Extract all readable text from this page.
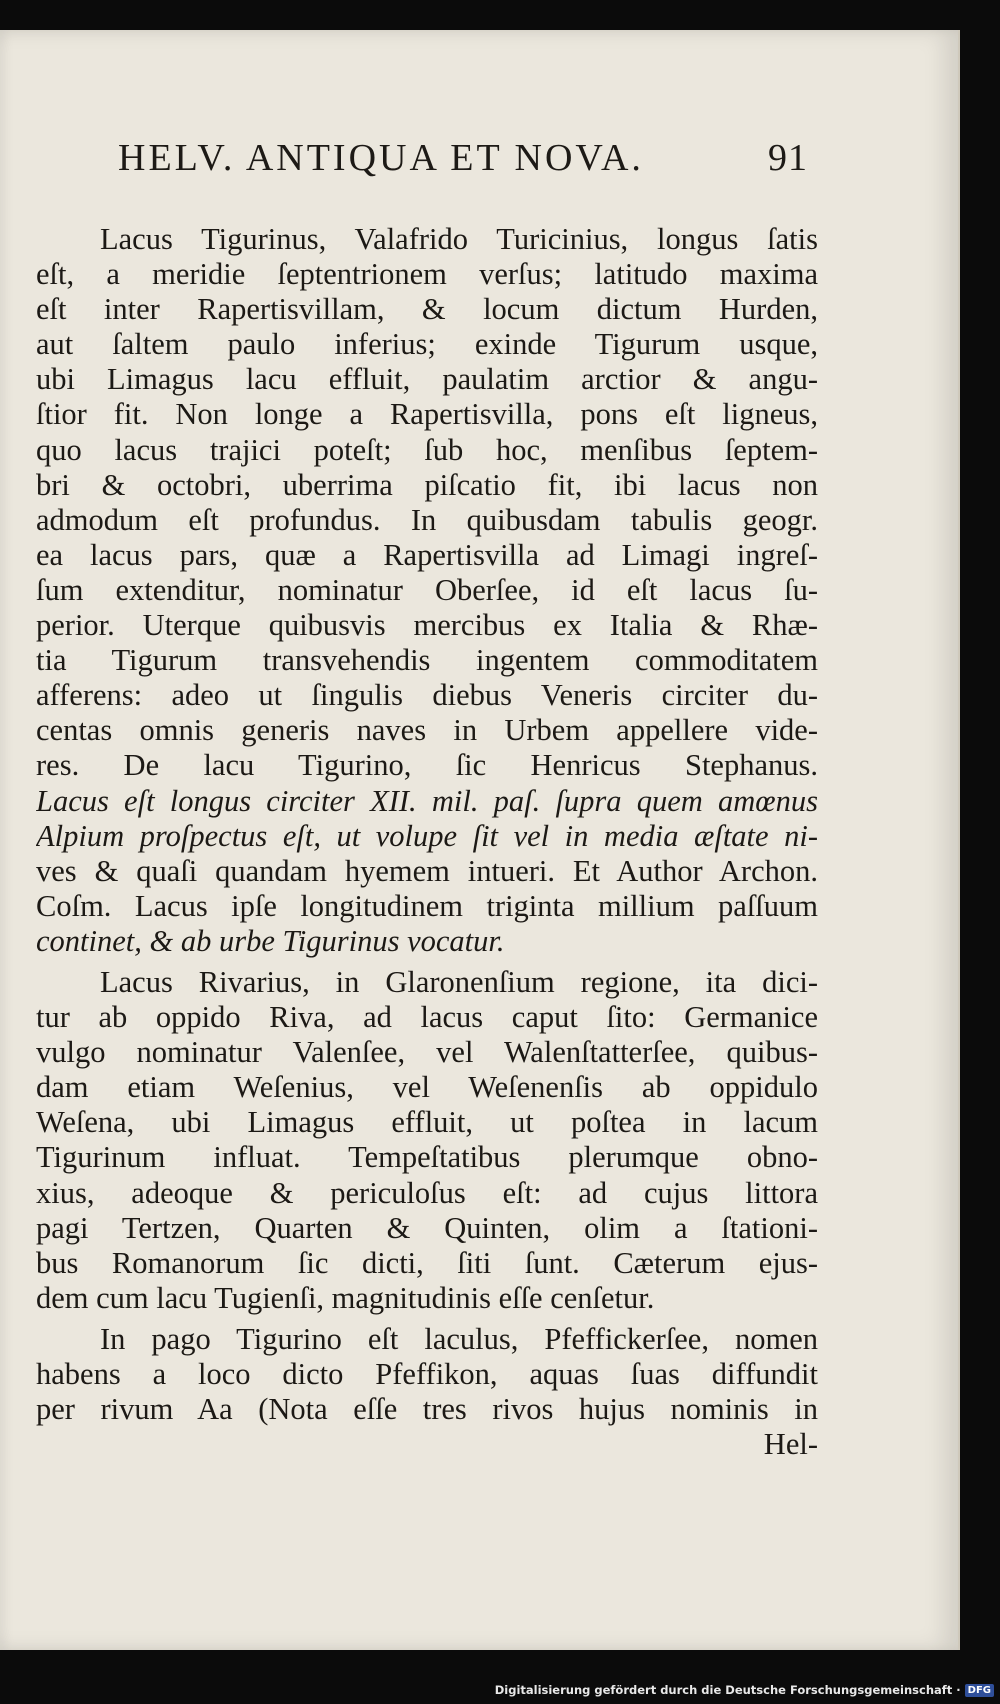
HELV. ANTIQUA ET NOVA.	91
Lacus Tigurinus, Valafrido Turicinius, longus ſatis
eſt, a meridie ſeptentrionem verſus; latitudo maxima
eſt inter Rapertisvillam, & locum dictum Hurden,
aut ſaltem paulo inferius; exinde Tigurum usque,
ubi Limagus lacu effluit, paulatim arctior & angu-
ſtior fit. Non longe a Rapertisvilla, pons eſt ligneus,
quo lacus trajici poteſt; ſub hoc, menſibus ſeptem-
bri & octobri, uberrima piſcatio fit, ibi lacus non
admodum eſt profundus. In quibusdam tabulis geogr.
ea lacus pars, quæ a Rapertisvilla ad Limagi ingreſ-
ſum extenditur, nominatur Oberſee, id eſt lacus ſu-
perior. Uterque quibusvis mercibus ex Italia & Rhæ-
tia Tigurum transvehendis ingentem commoditatem
afferens: adeo ut ſingulis diebus Veneris circiter du-
centas omnis generis naves in Urbem appellere vide-
res. De lacu Tigurino, ſic Henricus Stephanus.
Lacus eſt longus circiter XII. mil. paſ. ſupra quem amœnus
Alpium proſpectus eſt, ut volupe ſit vel in media æſtate ni-
ves & quaſi quandam hyemem intueri. Et Author Archon.
Coſm. Lacus ipſe longitudinem triginta millium paſſuum
continet, & ab urbe Tigurinus vocatur.
Lacus Rivarius, in Glaronenſium regione, ita dici-
tur ab oppido Riva, ad lacus caput ſito: Germanice
vulgo nominatur Valenſee, vel Walenſtatterſee, quibus-
dam etiam Weſenius, vel Weſenenſis ab oppidulo
Weſena, ubi Limagus effluit, ut poſtea in lacum
Tigurinum influat. Tempeſtatibus plerumque obno-
xius, adeoque & periculoſus eſt: ad cujus littora
pagi Tertzen, Quarten & Quinten, olim a ſtationi-
bus Romanorum ſic dicti, ſiti ſunt. Cæterum ejus-
dem cum lacu Tugienſi, magnitudinis eſſe cenſetur.
In pago Tigurino eſt laculus, Pfeffickerſee, nomen
habens a loco dicto Pfeffikon, aquas ſuas diffundit
per rivum Aa (Nota eſſe tres rivos hujus nominis in
Hel-
Digitalisierung gefördert durch die Deutsche Forschungsgemeinschaft · DFG
